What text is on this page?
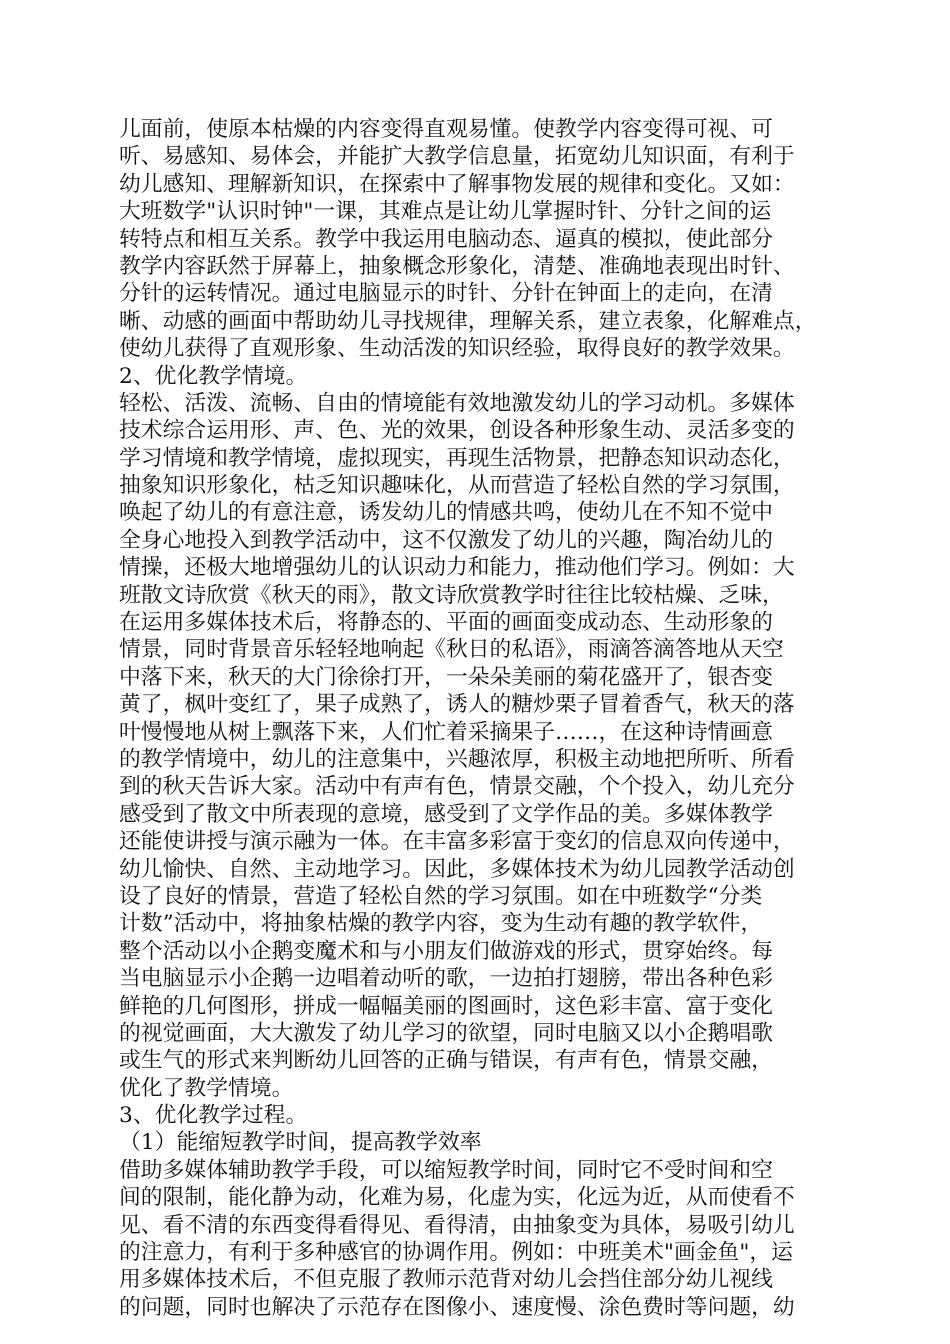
儿面前，使原本枯燥的内容变得直观易懂。使教学内容变得可视、可
听、易感知、易体会，并能扩大教学信息量，拓宽幼儿知识面，有利于
幼儿感知、理解新知识，在探索中了解事物发展的规律和变化。又如：
大班数学"认识时钟"一课，其难点是让幼儿掌握时针、分针之间的运
转特点和相互关系。教学中我运用电脑动态、逼真的模拟，使此部分
教学内容跃然于屏幕上，抽象概念形象化，清楚、准确地表现出时针、
分针的运转情况。通过电脑显示的时针、分针在钟面上的走向，在清
晰、动感的画面中帮助幼儿寻找规律，理解关系，建立表象，化解难点，
使幼儿获得了直观形象、生动活泼的知识经验，取得良好的教学效果。
2、优化教学情境。
轻松、活泼、流畅、自由的情境能有效地激发幼儿的学习动机。多媒体
技术综合运用形、声、色、光的效果，创设各种形象生动、灵活多变的
学习情境和教学情境，虚拟现实，再现生活物景，把静态知识动态化，
抽象知识形象化，枯乏知识趣味化，从而营造了轻松自然的学习氛围，
唤起了幼儿的有意注意，诱发幼儿的情感共鸣，使幼儿在不知不觉中
全身心地投入到教学活动中，这不仅激发了幼儿的兴趣，陶冶幼儿的
情操，还极大地增强幼儿的认识动力和能力，推动他们学习。例如：大
班散文诗欣赏《秋天的雨》，散文诗欣赏教学时往往比较枯燥、乏味，
在运用多媒体技术后，将静态的、平面的画面变成动态、生动形象的
情景，同时背景音乐轻轻地响起《秋日的私语》，雨滴答滴答地从天空
中落下来，秋天的大门徐徐打开，一朵朵美丽的菊花盛开了，银杏变
黄了，枫叶变红了，果子成熟了，诱人的糖炒栗子冒着香气，秋天的落
叶慢慢地从树上飘落下来，人们忙着采摘果子……，在这种诗情画意
的教学情境中，幼儿的注意集中，兴趣浓厚，积极主动地把所听、所看
到的秋天告诉大家。活动中有声有色，情景交融，个个投入，幼儿充分
感受到了散文中所表现的意境，感受到了文学作品的美。多媒体教学
还能使讲授与演示融为一体。在丰富多彩富于变幻的信息双向传递中，
幼儿愉快、自然、主动地学习。因此，多媒体技术为幼儿园教学活动创
设了良好的情景，营造了轻松自然的学习氛围。如在中班数学“分类
计数”活动中，将抽象枯燥的教学内容，变为生动有趣的教学软件，
整个活动以小企鹅变魔术和与小朋友们做游戏的形式，贯穿始终。每
当电脑显示小企鹅一边唱着动听的歌，一边拍打翅膀，带出各种色彩
鲜艳的几何图形，拼成一幅幅美丽的图画时，这色彩丰富、富于变化
的视觉画面，大大激发了幼儿学习的欲望，同时电脑又以小企鹅唱歌
或生气的形式来判断幼儿回答的正确与错误，有声有色，情景交融，
优化了教学情境。
3、优化教学过程。
（1）能缩短教学时间，提高教学效率
借助多媒体辅助教学手段，可以缩短教学时间，同时它不受时间和空
间的限制，能化静为动，化难为易，化虚为实，化远为近，从而使看不
见、看不清的东西变得看得见、看得清，由抽象变为具体，易吸引幼儿
的注意力，有利于多种感官的协调作用。例如：中班美术"画金鱼"，运
用多媒体技术后，不但克服了教师示范背对幼儿会挡住部分幼儿视线
的问题，同时也解决了示范存在图像小、速度慢、涂色费时等问题，幼
